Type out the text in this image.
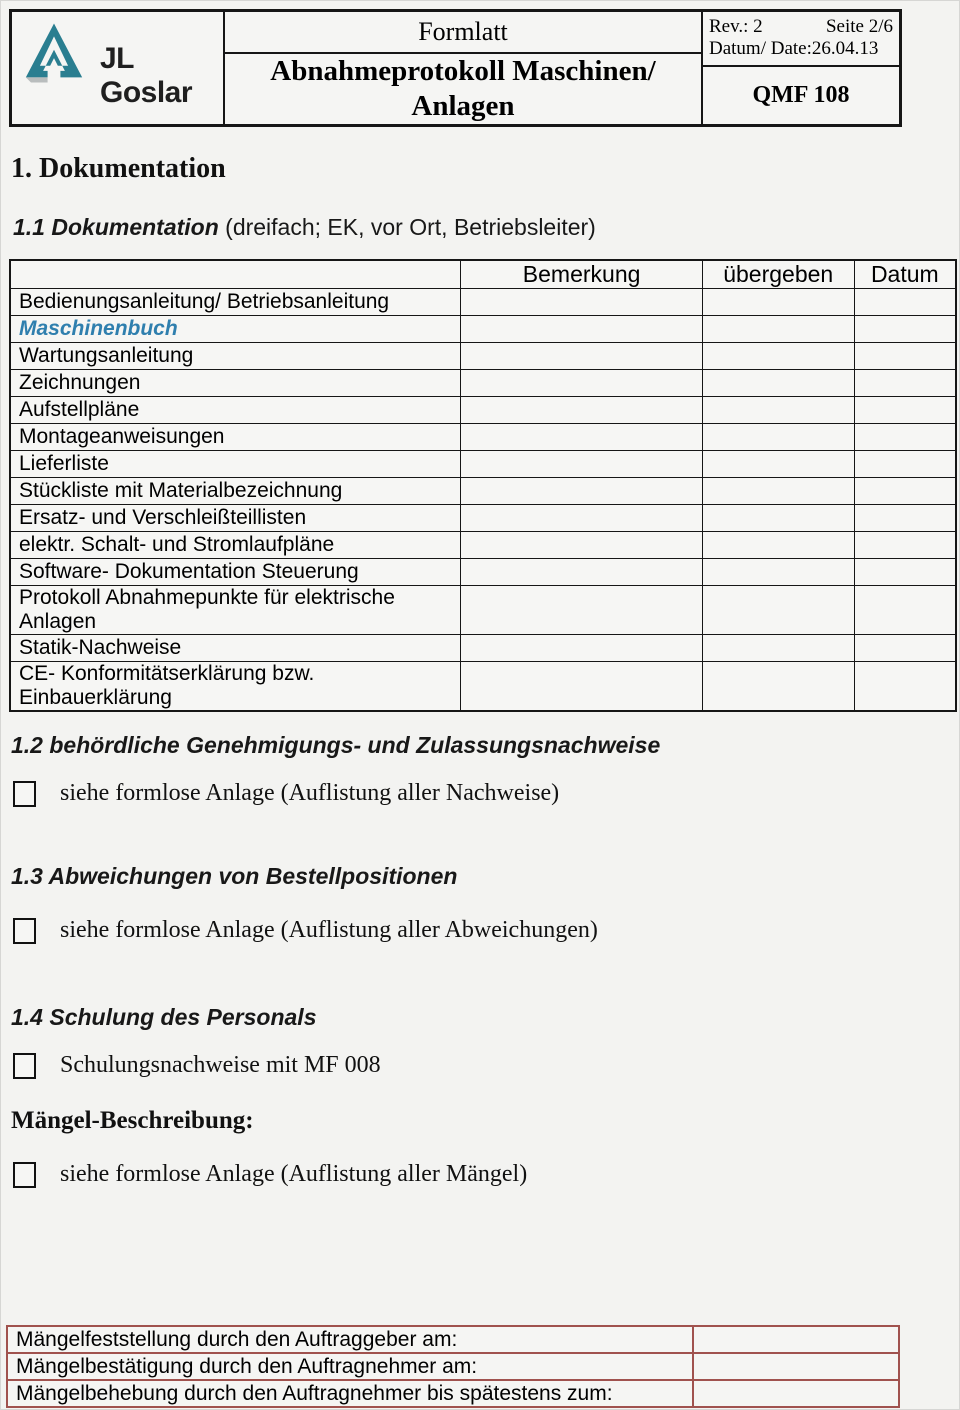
JL Goslar
Formlatt
Abnahmeprotokoll Maschinen/
Anlagen
Rev.: 2	Seite 2/6
Datum/ Date:26.04.13
QMF 108
1. Dokumentation
1.1 Dokumentation (dreifach; EK, vor Ort, Betriebsleiter)
	Bemerkung	übergeben	Datum
Bedienungsanleitung/ Betriebsanleitung			
Maschinenbuch			
Wartungsanleitung			
Zeichnungen			
Aufstellpläne			
Montageanweisungen			
Lieferliste			
Stückliste mit Materialbezeichnung			
Ersatz- und Verschleißteillisten			
elektr. Schalt- und Stromlaufpläne			
Software- Dokumentation Steuerung			
Protokoll Abnahmepunkte für elektrische Anlagen			
Statik-Nachweise			
CE- Konformitätserklärung bzw. Einbauerklärung			
1.2 behördliche Genehmigungs- und Zulassungsnachweise
siehe formlose Anlage (Auflistung aller Nachweise)
1.3 Abweichungen von Bestellpositionen
siehe formlose Anlage (Auflistung aller Abweichungen)
1.4 Schulung des Personals
Schulungsnachweise mit MF 008
Mängel-Beschreibung:
siehe formlose Anlage (Auflistung aller Mängel)
Mängelfeststellung durch den Auftraggeber am:	
Mängelbestätigung durch den Auftragnehmer am:	
Mängelbehebung durch den Auftragnehmer bis spätestens zum:	
